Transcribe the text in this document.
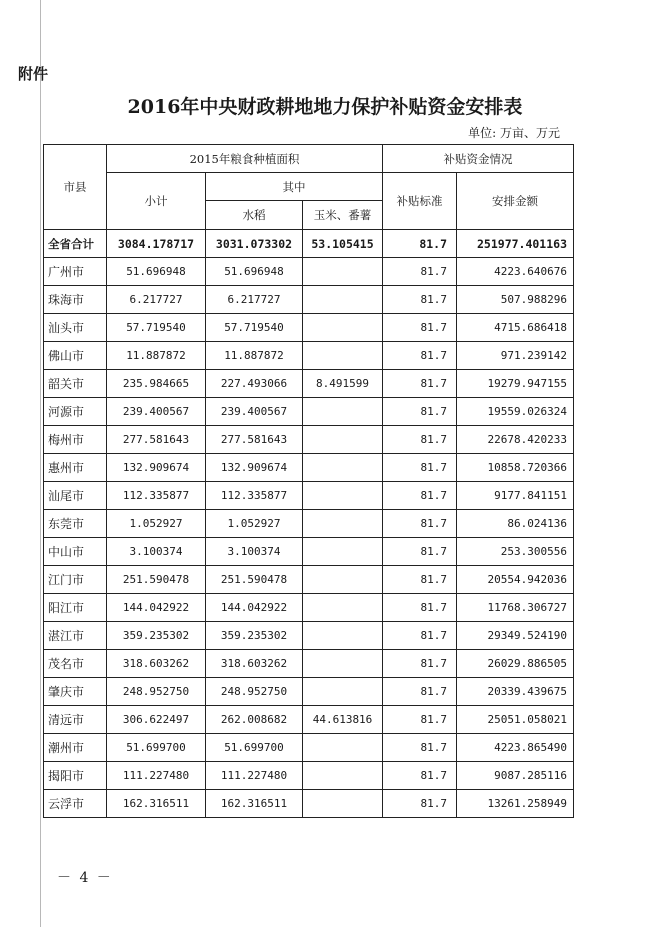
附件
2016年中央财政耕地地力保护补贴资金安排表
单位: 万亩、万元
市县	2015年粮食种植面积			补贴资金情况	
	小计	其中		补贴标准	安排金额
		水稻	玉米、番薯		
全省合计	3084.178717	3031.073302	53.105415	81.7	251977.401163
广州市	51.696948	51.696948		81.7	4223.640676
珠海市	6.217727	6.217727		81.7	507.988296
汕头市	57.719540	57.719540		81.7	4715.686418
佛山市	11.887872	11.887872		81.7	971.239142
韶关市	235.984665	227.493066	8.491599	81.7	19279.947155
河源市	239.400567	239.400567		81.7	19559.026324
梅州市	277.581643	277.581643		81.7	22678.420233
惠州市	132.909674	132.909674		81.7	10858.720366
汕尾市	112.335877	112.335877		81.7	9177.841151
东莞市	1.052927	1.052927		81.7	86.024136
中山市	3.100374	3.100374		81.7	253.300556
江门市	251.590478	251.590478		81.7	20554.942036
阳江市	144.042922	144.042922		81.7	11768.306727
湛江市	359.235302	359.235302		81.7	29349.524190
茂名市	318.603262	318.603262		81.7	26029.886505
肇庆市	248.952750	248.952750		81.7	20339.439675
清远市	306.622497	262.008682	44.613816	81.7	25051.058021
潮州市	51.699700	51.699700		81.7	4223.865490
揭阳市	111.227480	111.227480		81.7	9087.285116
云浮市	162.316511	162.316511		81.7	13261.258949
－ 4 －
